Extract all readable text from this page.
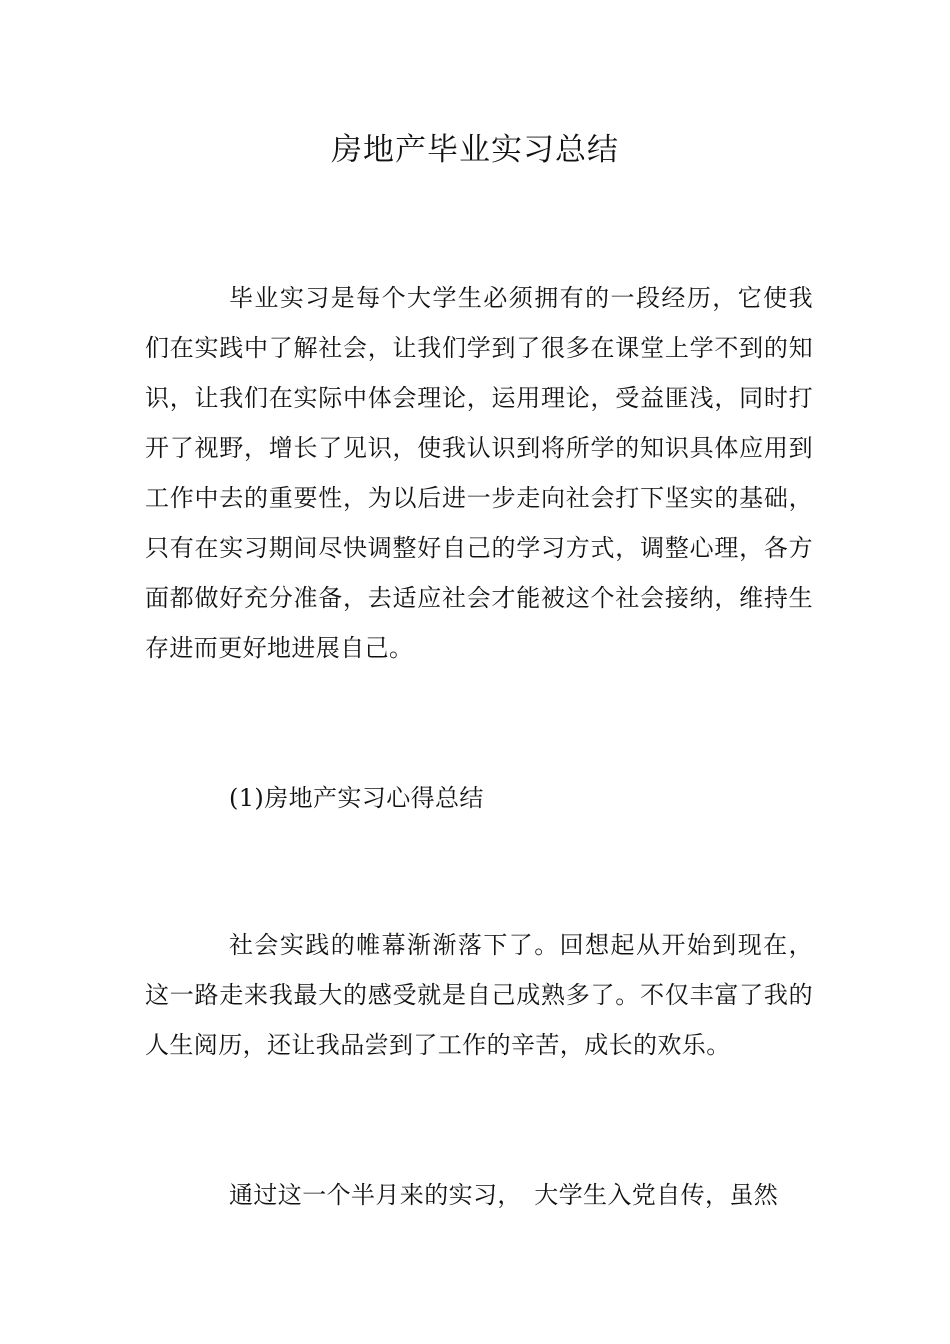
房地产毕业实习总结

毕业实习是每个大学生必须拥有的一段经历，它使我们在实践中了解社会，让我们学到了很多在课堂上学不到的知识，让我们在实际中体会理论，运用理论，受益匪浅，同时打开了视野，增长了见识，使我认识到将所学的知识具体应用到工作中去的重要性，为以后进一步走向社会打下坚实的基础，只有在实习期间尽快调整好自己的学习方式，调整心理，各方面都做好充分准备，去适应社会才能被这个社会接纳，维持生存进而更好地进展自己。

(1)房地产实习心得总结

社会实践的帷幕渐渐落下了。回想起从开始到现在，这一路走来我最大的感受就是自己成熟多了。不仅丰富了我的人生阅历，还让我品尝到了工作的辛苦，成长的欢乐。

通过这一个半月来的实习，　大学生入党自传，虽然
